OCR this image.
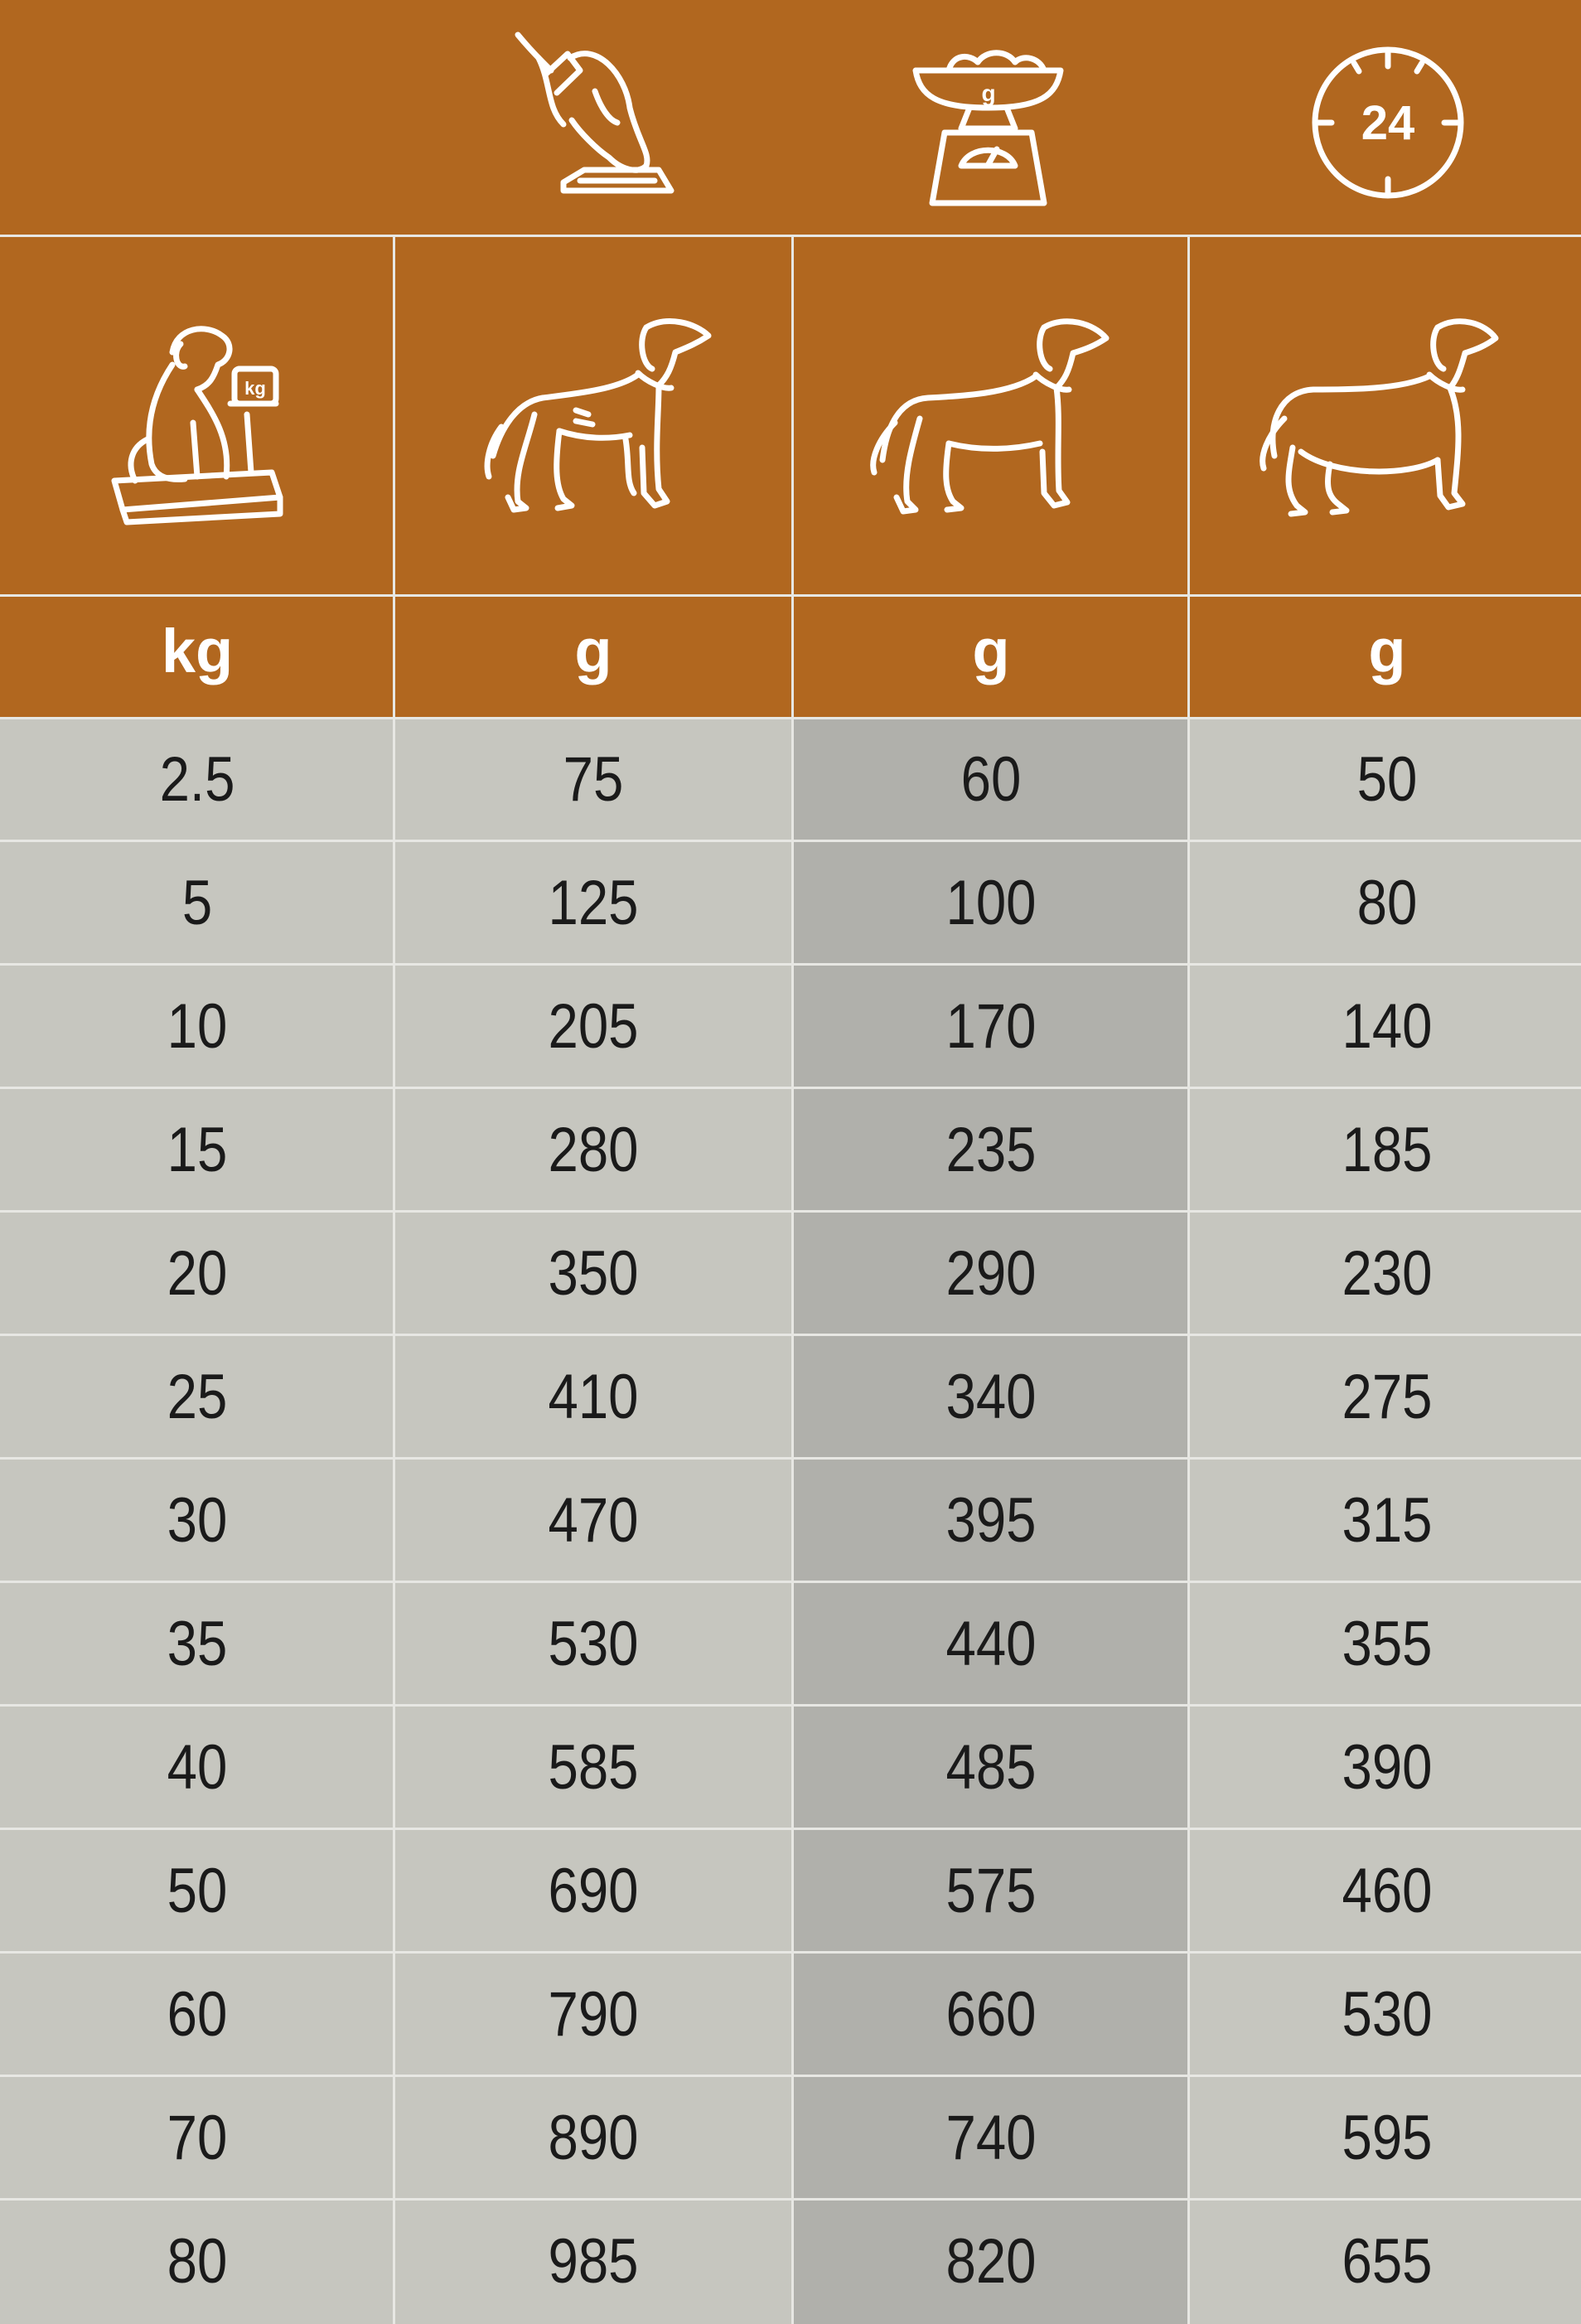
g
24
kg
kg	g	g	g
2.5	75	60	50
5	125	100	80
10	205	170	140
15	280	235	185
20	350	290	230
25	410	340	275
30	470	395	315
35	530	440	355
40	585	485	390
50	690	575	460
60	790	660	530
70	890	740	595
80	985	820	655
